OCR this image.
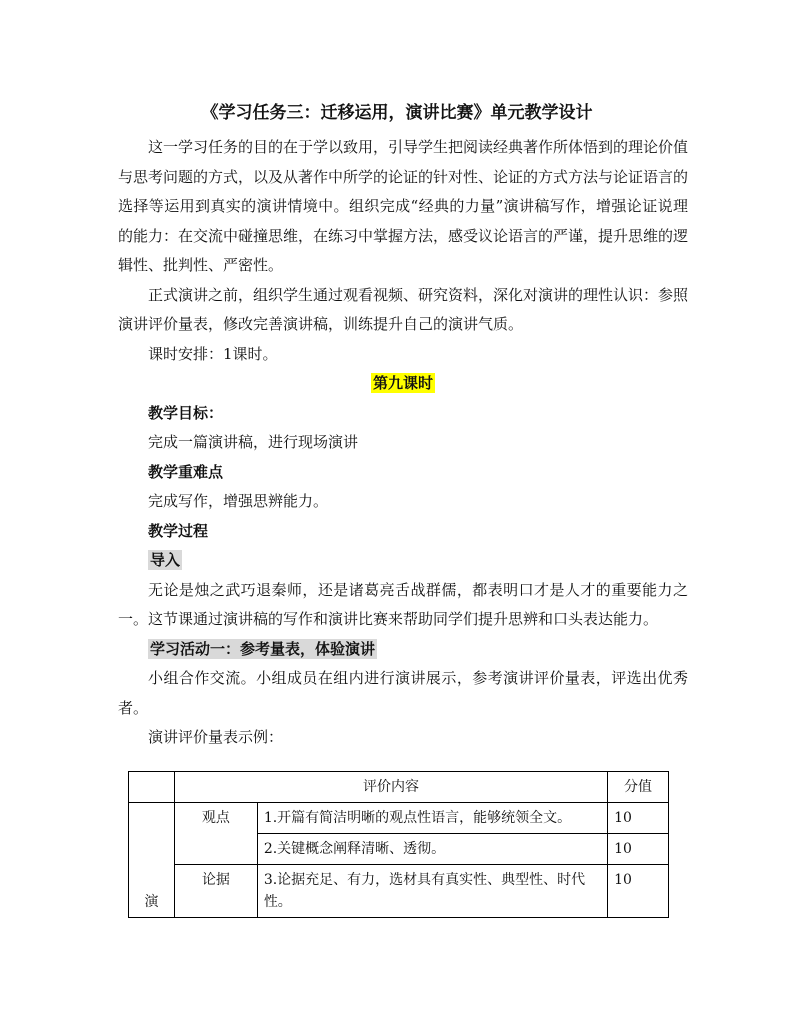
《学习任务三：迁移运用，演讲比赛》单元教学设计

这一学习任务的目的在于学以致用，引导学生把阅读经典著作所体悟到的理论价值与思考问题的方式，以及从著作中所学的论证的针对性、论证的方式方法与论证语言的选择等运用到真实的演讲情境中。组织完成“经典的力量”演讲稿写作，增强论证说理的能力：在交流中碰撞思维，在练习中掌握方法，感受议论语言的严谨，提升思维的逻辑性、批判性、严密性。

正式演讲之前，组织学生通过观看视频、研究资料，深化对演讲的理性认识：参照演讲评价量表，修改完善演讲稿，训练提升自己的演讲气质。

课时安排：1课时。

第九课时

教学目标：

完成一篇演讲稿，进行现场演讲

教学重难点

完成写作，增强思辨能力。

教学过程

导入

无论是烛之武巧退秦师，还是诸葛亮舌战群儒，都表明口才是人才的重要能力之一。这节课通过演讲稿的写作和演讲比赛来帮助同学们提升思辨和口头表达能力。

学习活动一：参考量表，体验演讲

小组合作交流。小组成员在组内进行演讲展示，参考演讲评价量表，评选出优秀者。

演讲评价量表示例：

	评价内容		分值
演	观点	1.开篇有简洁明晰的观点性语言，能够统领全文。	10
		2.关键概念阐释清晰、透彻。	10
	论据	3.论据充足、有力，选材具有真实性、典型性、时代性。	10
